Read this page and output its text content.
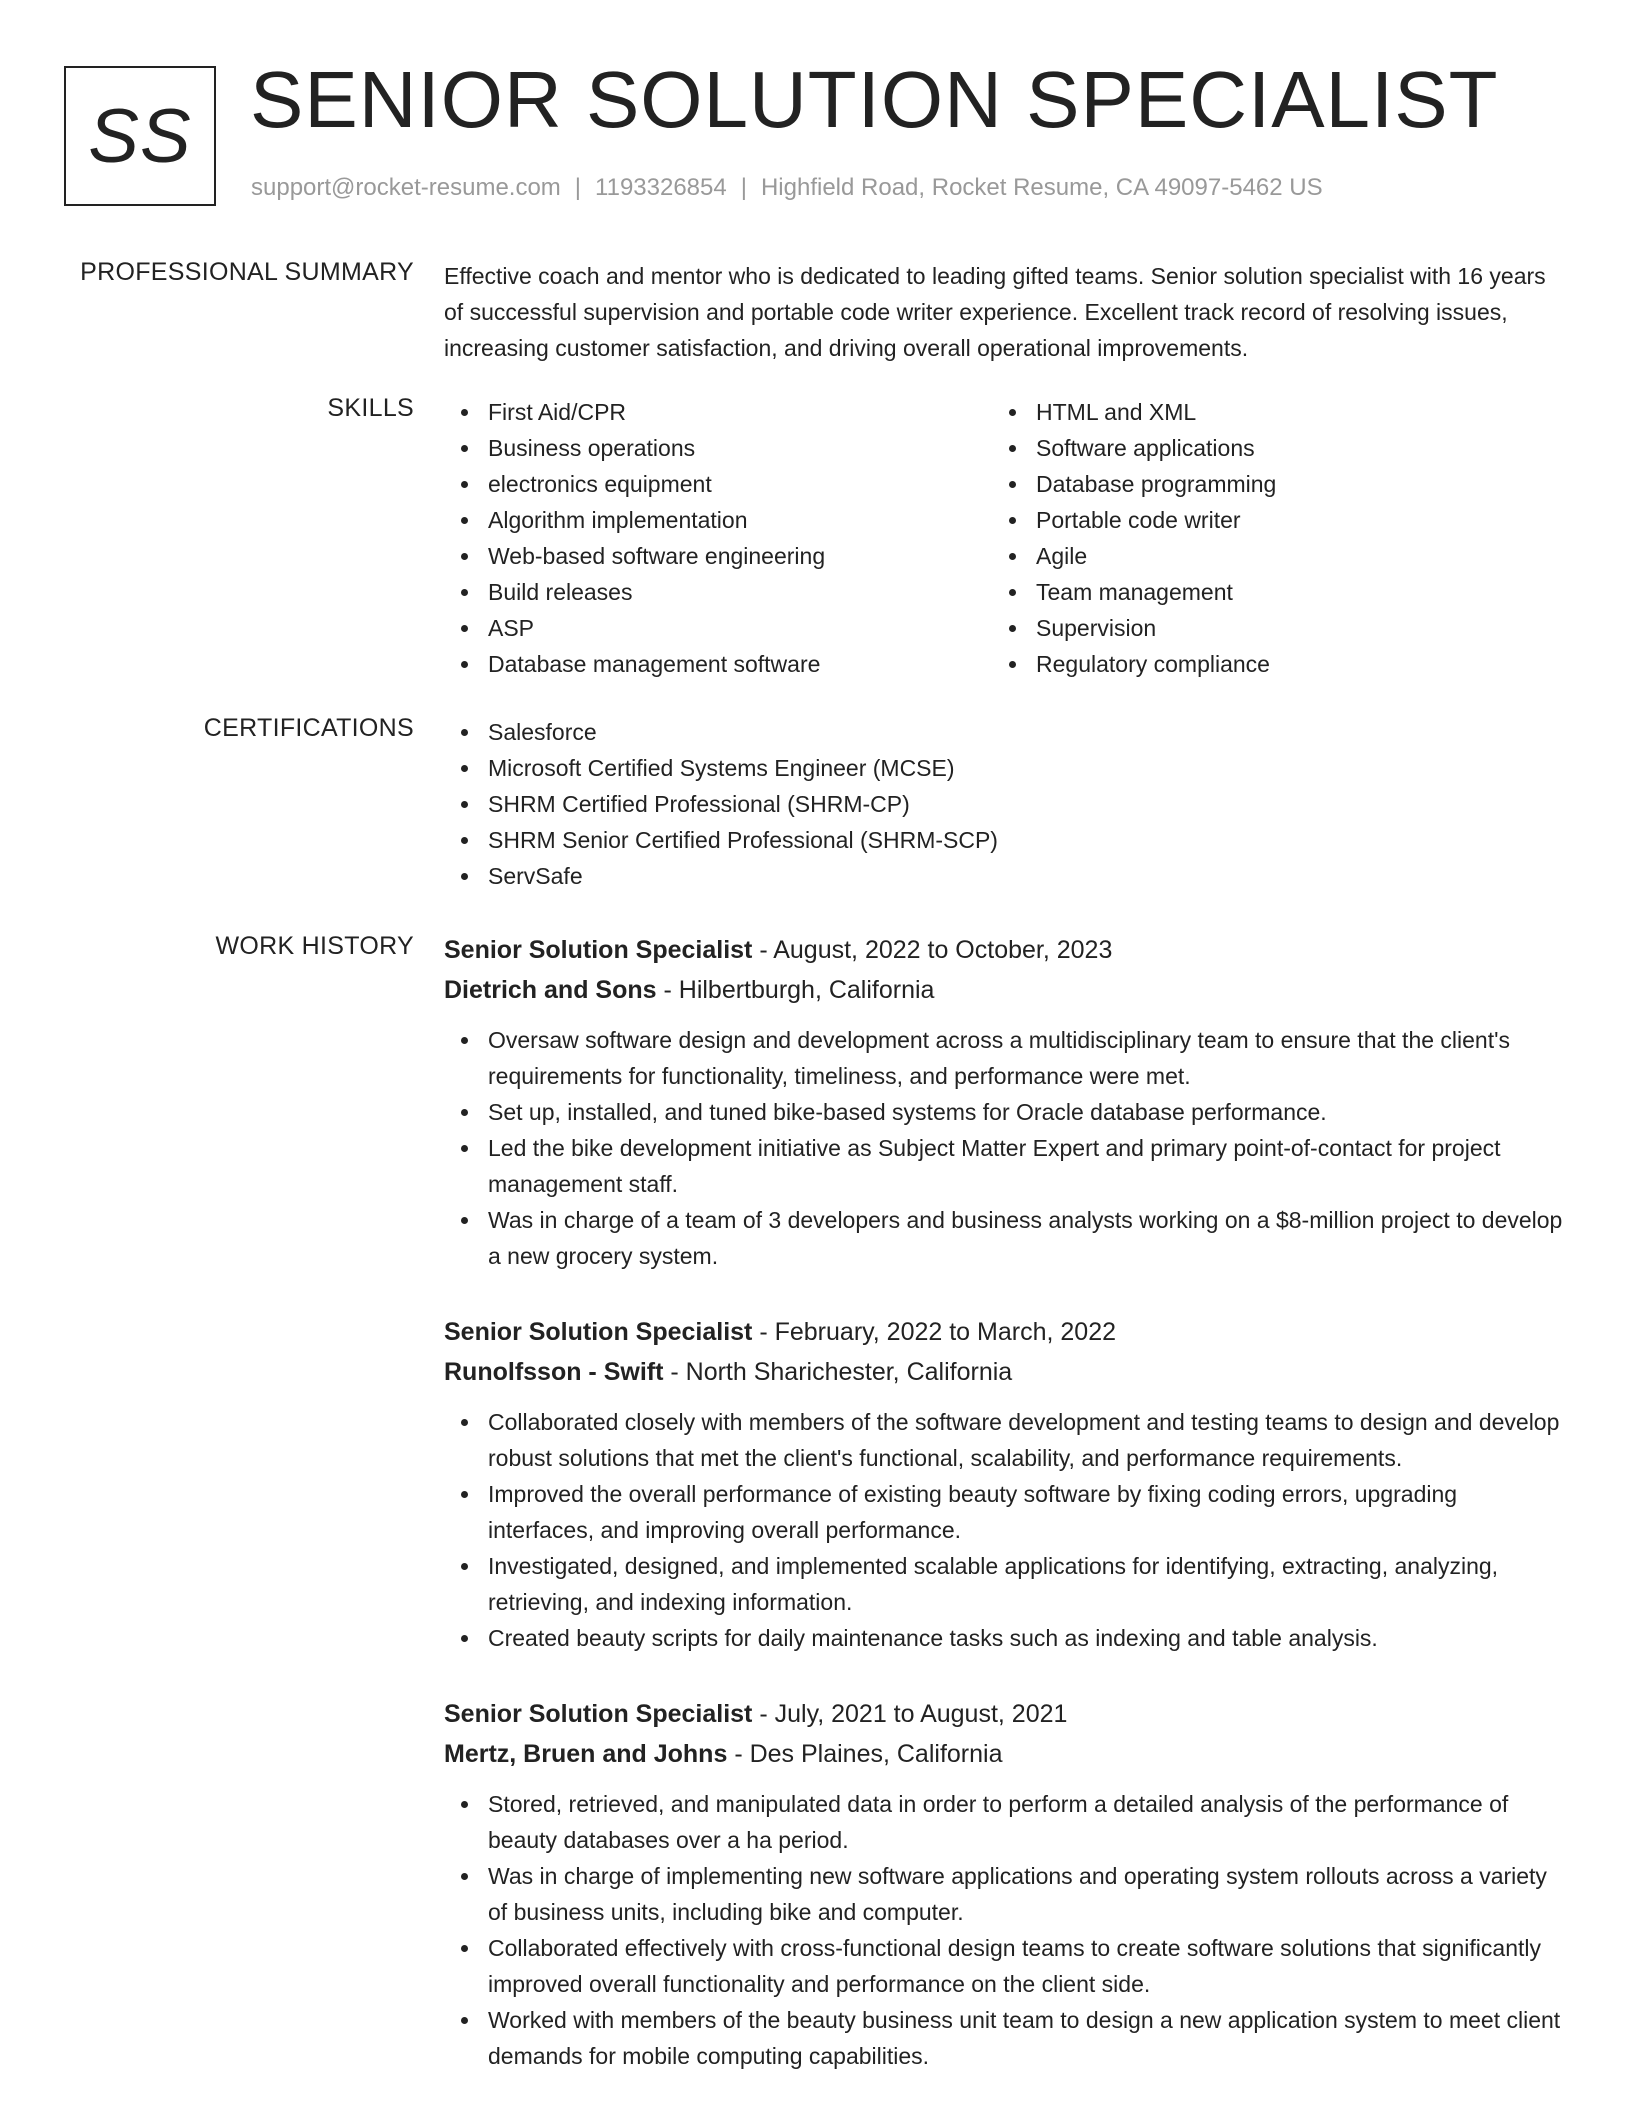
SS SENIOR SOLUTION SPECIALIST
support@rocket-resume.com | 1193326854 | Highfield Road, Rocket Resume, CA 49097-5462 US
PROFESSIONAL SUMMARY Effective coach and mentor who is dedicated to leading gifted teams. Senior solution specialist with 16 years of successful supervision and portable code writer experience. Excellent track record of resolving issues, increasing customer satisfaction, and driving overall operational improvements.

SKILLS	First Aid/CPR
Business operations
electronics equipment
Algorithm implementation
Web-based software engineering
Build releases
ASP
Database management software
HTML and XML
Software applications
Database programming
Portable code writer
Agile
Team management
Supervision
Regulatory compliance
CERTIFICATIONS	Salesforce
Microsoft Certified Systems Engineer (MCSE)
SHRM Certified Professional (SHRM-CP)
SHRM Senior Certified Professional (SHRM-SCP)
ServSafe
WORK HISTORY Senior Solution Specialist - August, 2022 to October, 2023
Dietrich and Sons - Hilbertburgh, California
Oversaw software design and development across a multidisciplinary team to ensure that the client's requirements for functionality, timeliness, and performance were met.
Set up, installed, and tuned bike-based systems for Oracle database performance.
Led the bike development initiative as Subject Matter Expert and primary point-of-contact for project management staff.
Was in charge of a team of 3 developers and business analysts working on a $8-million project to develop a new grocery system.
Senior Solution Specialist - February, 2022 to March, 2022
Runolfsson - Swift - North Sharichester, California
Collaborated closely with members of the software development and testing teams to design and develop robust solutions that met the client's functional, scalability, and performance requirements.
Improved the overall performance of existing beauty software by fixing coding errors, upgrading interfaces, and improving overall performance.
Investigated, designed, and implemented scalable applications for identifying, extracting, analyzing, retrieving, and indexing information.
Created beauty scripts for daily maintenance tasks such as indexing and table analysis.
Senior Solution Specialist - July, 2021 to August, 2021
Mertz, Bruen and Johns - Des Plaines, California
Stored, retrieved, and manipulated data in order to perform a detailed analysis of the performance of beauty databases over a ha period.
Was in charge of implementing new software applications and operating system rollouts across a variety of business units, including bike and computer.
Collaborated effectively with cross-functional design teams to create software solutions that significantly improved overall functionality and performance on the client side.
Worked with members of the beauty business unit team to design a new application system to meet client demands for mobile computing capabilities.
